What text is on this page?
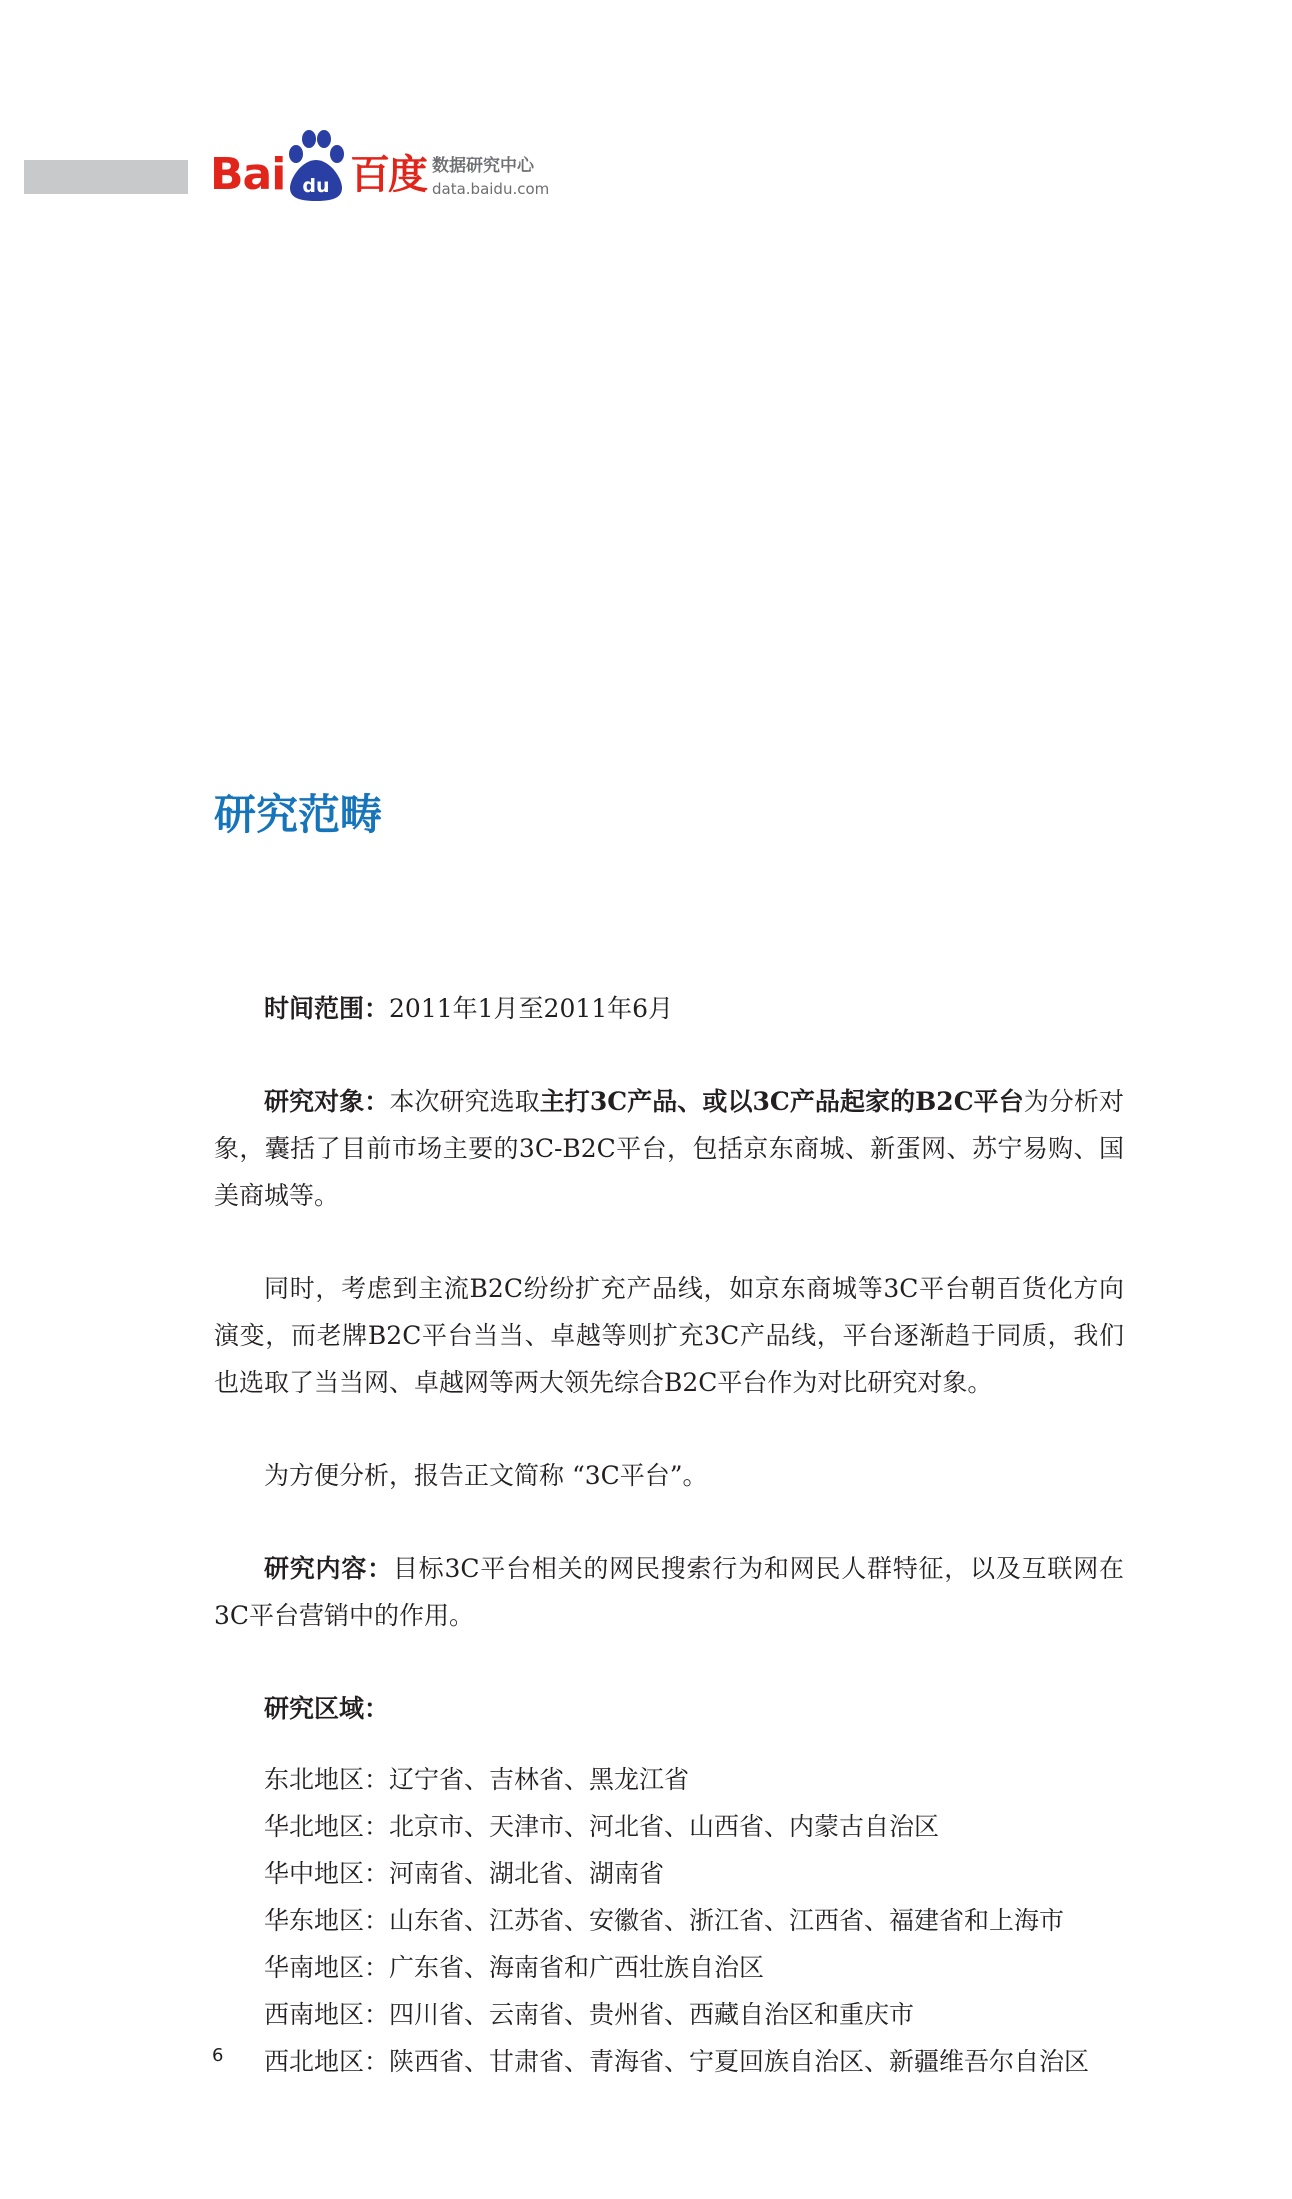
Bai du 百度 数据研究中心
data.baidu.com
研究范畴

时间范围：2011年1月至2011年6月

研究对象：本次研究选取主打3C产品、或以3C产品起家的B2C平台为分析对象，囊括了目前市场主要的3C-B2C平台，包括京东商城、新蛋网、苏宁易购、国美商城等。

同时，考虑到主流B2C纷纷扩充产品线，如京东商城等3C平台朝百货化方向演变，而老牌B2C平台当当、卓越等则扩充3C产品线，平台逐渐趋于同质，我们也选取了当当网、卓越网等两大领先综合B2C平台作为对比研究对象。

为方便分析，报告正文简称 “3C平台”。

研究内容：目标3C平台相关的网民搜索行为和网民人群特征，以及互联网在3C平台营销中的作用。

研究区域：

东北地区：辽宁省、吉林省、黑龙江省

华北地区：北京市、天津市、河北省、山西省、内蒙古自治区

华中地区：河南省、湖北省、湖南省

华东地区：山东省、江苏省、安徽省、浙江省、江西省、福建省和上海市

华南地区：广东省、海南省和广西壮族自治区

西南地区：四川省、云南省、贵州省、西藏自治区和重庆市

西北地区：陕西省、甘肃省、青海省、宁夏回族自治区、新疆维吾尔自治区

6
